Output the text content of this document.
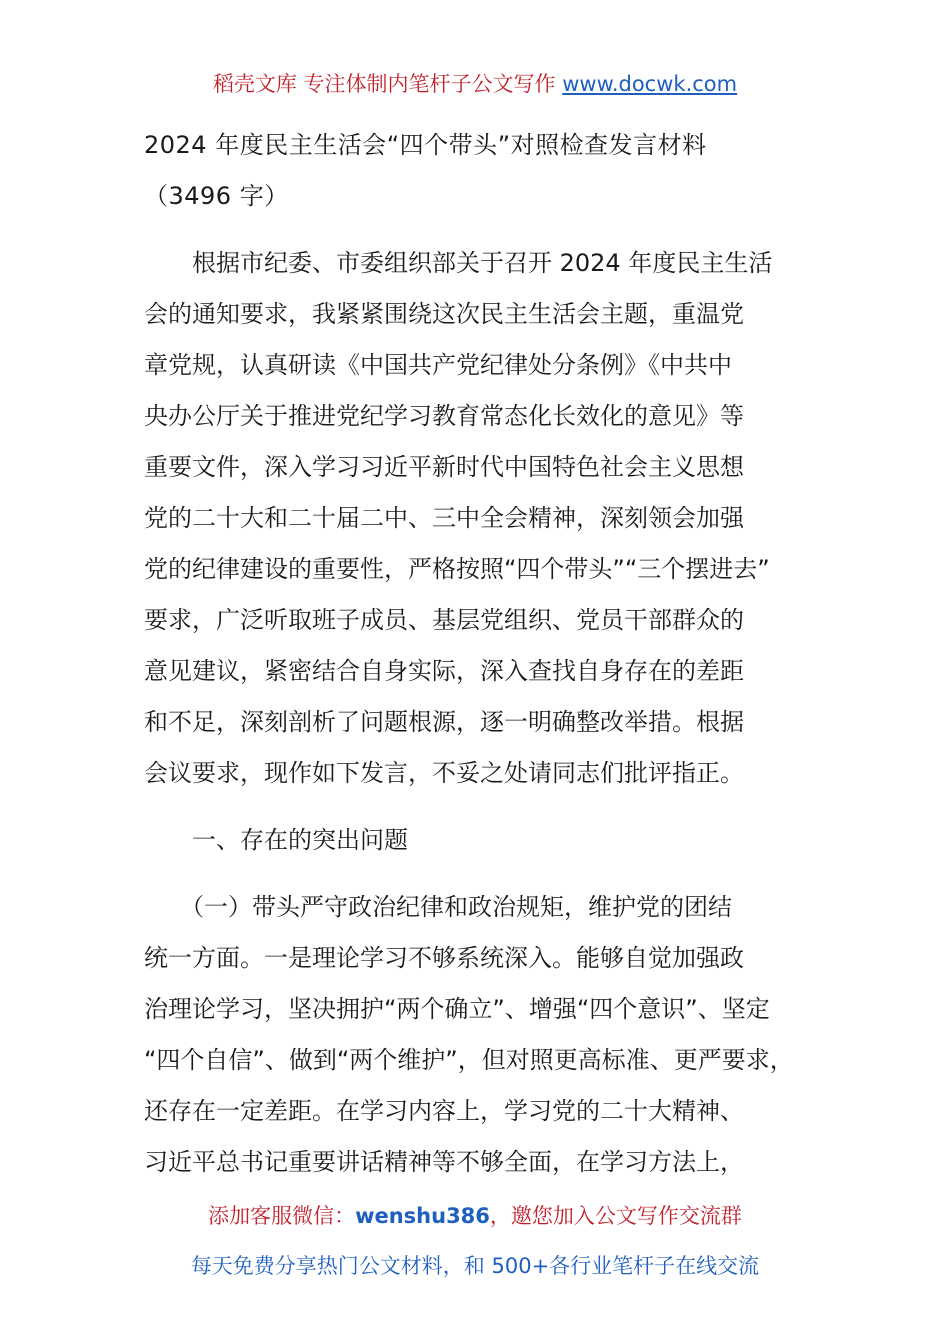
稻壳文库 专注体制内笔杆子公文写作 www.docwk.com
2024 年度民主生活会“四个带头”对照检查发言材料
（3496 字）
　　根据市纪委、市委组织部关于召开 2024 年度民主生活
会的通知要求，我紧紧围绕这次民主生活会主题，重温党
章党规，认真研读《中国共产党纪律处分条例》《中共中
央办公厅关于推进党纪学习教育常态化长效化的意见》等
重要文件，深入学习习近平新时代中国特色社会主义思想
党的二十大和二十届二中、三中全会精神，深刻领会加强
党的纪律建设的重要性，严格按照“四个带头”“三个摆进去”
要求，广泛听取班子成员、基层党组织、党员干部群众的
意见建议，紧密结合自身实际，深入查找自身存在的差距
和不足，深刻剖析了问题根源，逐一明确整改举措。根据
会议要求，现作如下发言，不妥之处请同志们批评指正。
　　一、存在的突出问题
　　（一）带头严守政治纪律和政治规矩，维护党的团结
统一方面。一是理论学习不够系统深入。能够自觉加强政
治理论学习，坚决拥护“两个确立”、增强“四个意识”、坚定
“四个自信”、做到“两个维护”，但对照更高标准、更严要求，
还存在一定差距。在学习内容上，学习党的二十大精神、
习近平总书记重要讲话精神等不够全面，在学习方法上，
添加客服微信：wenshu386，邀您加入公文写作交流群
每天免费分享热门公文材料，和 500+各行业笔杆子在线交流
